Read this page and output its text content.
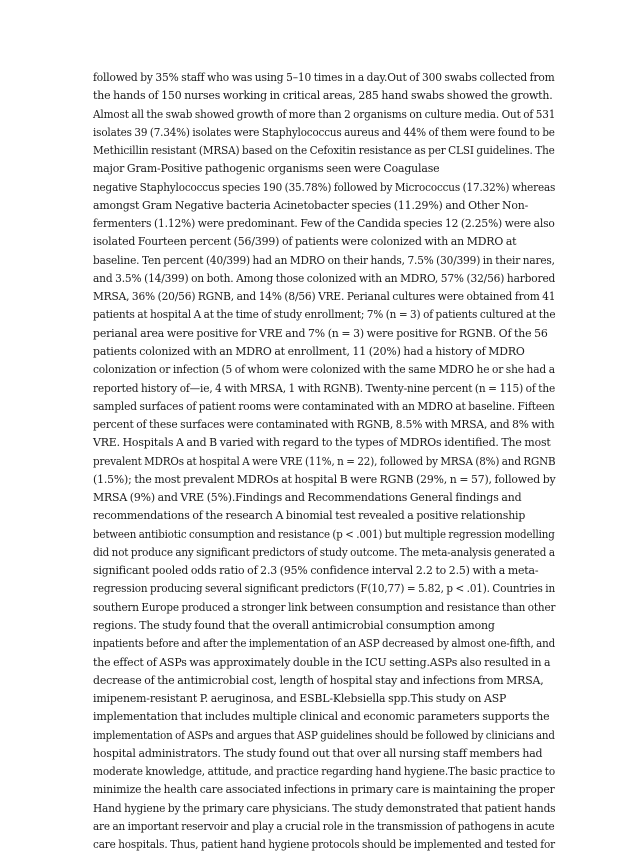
followed by 35% staff who was using 5–10 times in a day.Out of 300 swabs collected from
the hands of 150 nurses working in critical areas, 285 hand swabs showed the growth.
Almost all the swab showed growth of more than 2 organisms on culture media. Out of 531
isolates 39 (7.34%) isolates were Staphylococcus aureus and 44% of them were found to be
Methicillin resistant (MRSA) based on the Cefoxitin resistance as per CLSI guidelines. The
major Gram-Positive pathogenic organisms seen were Coagulase
negative Staphylococcus species 190 (35.78%) followed by Micrococcus (17.32%) whereas
amongst Gram Negative bacteria Acinetobacter species (11.29%) and Other Non-
fermenters (1.12%) were predominant. Few of the Candida species 12 (2.25%) were also
isolated Fourteen percent (56/399) of patients were colonized with an MDRO at
baseline. Ten percent (40/399) had an MDRO on their hands, 7.5% (30/399) in their nares,
and 3.5% (14/399) on both. Among those colonized with an MDRO, 57% (32/56) harbored
MRSA, 36% (20/56) RGNB, and 14% (8/56) VRE. Perianal cultures were obtained from 41
patients at hospital A at the time of study enrollment; 7% (n = 3) of patients cultured at the
perianal area were positive for VRE and 7% (n = 3) were positive for RGNB. Of the 56
patients colonized with an MDRO at enrollment, 11 (20%) had a history of MDRO
colonization or infection (5 of whom were colonized with the same MDRO he or she had a
reported history of—ie, 4 with MRSA, 1 with RGNB). Twenty-nine percent (n = 115) of the
sampled surfaces of patient rooms were contaminated with an MDRO at baseline. Fifteen
percent of these surfaces were contaminated with RGNB, 8.5% with MRSA, and 8% with
VRE. Hospitals A and B varied with regard to the types of MDROs identified. The most
prevalent MDROs at hospital A were VRE (11%, n = 22), followed by MRSA (8%) and RGNB
(1.5%); the most prevalent MDROs at hospital B were RGNB (29%, n = 57), followed by
MRSA (9%) and VRE (5%).Findings and Recommendations General findings and
recommendations of the research A binomial test revealed a positive relationship
between antibiotic consumption and resistance (p < .001) but multiple regression modelling
did not produce any significant predictors of study outcome. The meta-analysis generated a
significant pooled odds ratio of 2.3 (95% confidence interval 2.2 to 2.5) with a meta-
regression producing several significant predictors (F(10,77) = 5.82, p < .01). Countries in
southern Europe produced a stronger link between consumption and resistance than other
regions. The study found that the overall antimicrobial consumption among
inpatients before and after the implementation of an ASP decreased by almost one-fifth, and
the effect of ASPs was approximately double in the ICU setting.ASPs also resulted in a
decrease of the antimicrobial cost, length of hospital stay and infections from MRSA,
imipenem-resistant P. aeruginosa, and ESBL-Klebsiella spp.This study on ASP
implementation that includes multiple clinical and economic parameters supports the
implementation of ASPs and argues that ASP guidelines should be followed by clinicians and
hospital administrators. The study found out that over all nursing staff members had
moderate knowledge, attitude, and practice regarding hand hygiene.The basic practice to
minimize the health care associated infections in primary care is maintaining the proper
Hand hygiene by the primary care physicians. The study demonstrated that patient hands
are an important reservoir and play a crucial role in the transmission of pathogens in acute
care hospitals. Thus, patient hand hygiene protocols should be implemented and tested for
